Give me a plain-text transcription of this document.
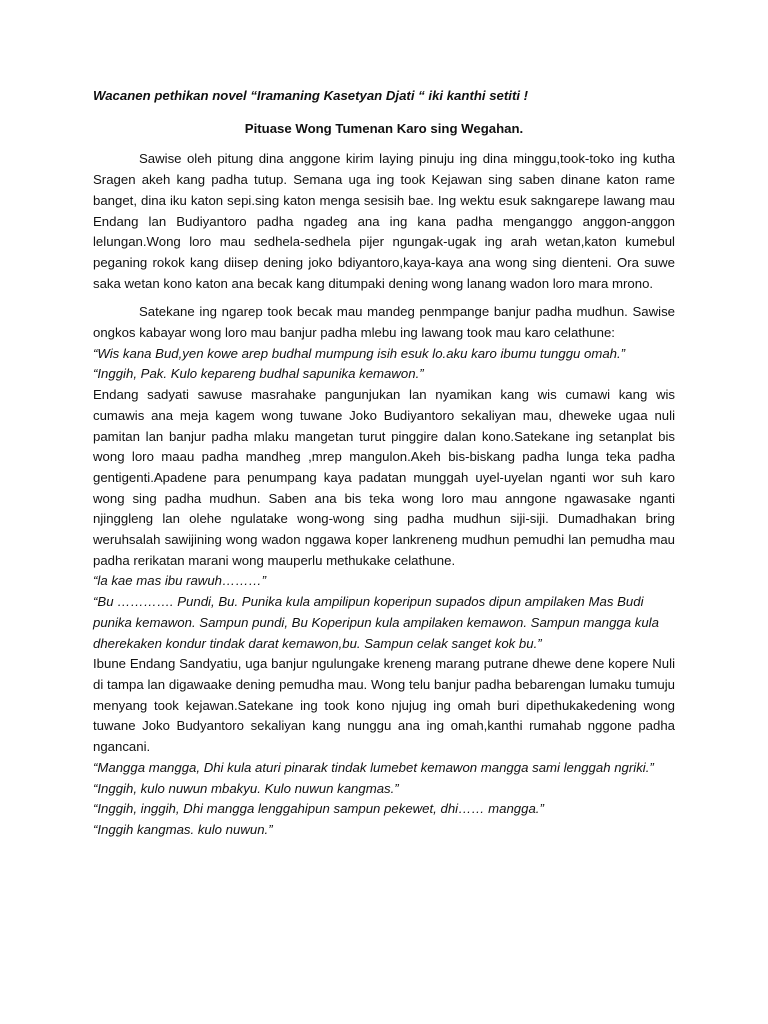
Wacanen pethikan novel “Iramaning Kasetyan Djati “ iki kanthi setiti !

Pituase Wong Tumenan Karo sing Wegahan.

Sawise oleh pitung dina anggone kirim laying pinuju ing dina minggu,took-toko ing kutha Sragen akeh kang padha tutup. Semana uga ing took Kejawan sing saben dinane katon rame banget, dina iku katon sepi.sing katon menga sesisih bae. Ing wektu esuk sakngarepe lawang mau Endang lan Budiyantoro padha ngadeg ana ing kana padha menganggo anggon-anggon lelungan.Wong loro mau sedhela-sedhela pijer ngungak-ugak ing arah wetan,katon kumebul peganing rokok kang diisep dening joko bdiyantoro,kaya-kaya ana wong sing dienteni. Ora suwe saka wetan kono katon ana becak kang ditumpaki dening wong lanang wadon loro mara mrono.

Satekane ing ngarep took becak mau mandeg penmpange banjur padha mudhun. Sawise ongkos kabayar wong loro mau banjur padha mlebu ing lawang took mau karo celathune:

“Wis kana Bud,yen kowe arep budhal mumpung isih esuk lo.aku karo ibumu tunggu omah.”

“Inggih, Pak. Kulo kepareng budhal sapunika kemawon.”

Endang sadyati sawuse masrahake pangunjukan lan nyamikan kang wis cumawi kang wis cumawis ana meja kagem wong tuwane Joko Budiyantoro sekaliyan mau, dheweke ugaa nuli pamitan lan banjur padha mlaku mangetan turut pinggire dalan kono.Satekane ing setanplat bis wong loro maau padha mandheg ,mrep mangulon.Akeh bis-biskang padha lunga teka padha gentigenti.Apadene para penumpang kaya padatan munggah uyel-uyelan nganti wor suh karo wong sing padha mudhun. Saben ana bis teka wong loro mau anngone ngawasake nganti njinggleng lan olehe ngulatake wong-wong sing padha mudhun siji-siji. Dumadhakan bring weruhsalah sawijining wong wadon nggawa koper lankreneng mudhun pemudhi lan pemudha mau padha rerikatan marani wong mauperlu methukake celathune.

“la kae mas ibu rawuh………”

“Bu …………. Pundi, Bu. Punika kula ampilipun koperipun supados dipun ampilaken Mas Budi punika kemawon. Sampun pundi, Bu Koperipun kula ampilaken kemawon. Sampun mangga kula dherekaken kondur tindak darat kemawon,bu. Sampun celak sanget kok bu.”

Ibune Endang Sandyatiu, uga banjur ngulungake kreneng marang putrane dhewe dene kopere Nuli di tampa lan digawaake dening pemudha mau. Wong telu banjur padha bebarengan lumaku tumuju menyang took kejawan.Satekane ing took kono njujug ing omah buri dipethukakedening wong tuwane Joko Budyantoro sekaliyan kang nunggu ana ing omah,kanthi rumahab nggone padha ngancani.

“Mangga mangga, Dhi kula aturi pinarak tindak lumebet kemawon mangga sami lenggah ngriki.”

“Inggih, kulo nuwun mbakyu. Kulo nuwun kangmas.”

“Inggih, inggih, Dhi mangga lenggahipun sampun pekewet, dhi…… mangga.”

“Inggih kangmas. kulo nuwun.”
